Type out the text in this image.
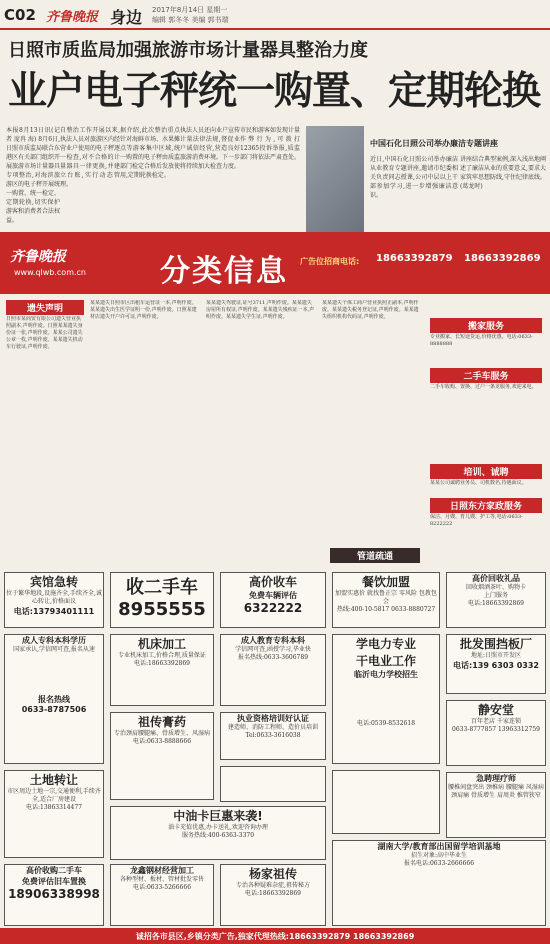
C02 齐鲁晚报 身边 2017年8月14日 星期一
编辑 郭冬冬 美编 郭书瑞
日照市质监局加强旅游市场计量器具整治力度
业户电子秤统一购置、定期轮换
本报8月13日讯(记者 庞冉 海) 8月6日,日照市质监局联合东港区有关部门组织开展旅游市场计量器具专项整治,对海滨旅游区的电子秤开展统一购置、统一检定、定期轮换,切实保护游客和消费者合法权益。
自整治工作开展以来,执法人员对旅游区内经营业户使用的电子秤逐一检查,对不合格的计量器具一律更换,并建立台账,实行动态管理。
据介绍,此次整治重点针对海鲜市场、水果摊点等游客集中区域,统一购置的电子秤由质监部门检定合格后发放使用,定期轮换检定。
执法人员还向业户宣传计量法律法规,督促业户诚信经营,营造良好旅游消费环境。下一步将持续加大检查力度。
市民和游客如发现计量作弊行为,可拨打12365投诉举报,质监部门将依法严肃查处。
中国石化日照公司举办廉洁专题讲座
近日,中国石化日照公司举办廉洁从业教育专题讲座,邀请市纪委相关负责同志授课,公司中层以上干部参加学习,进一步增强廉洁意识。
讲座结合典型案例,深入浅出地阐述了廉洁从业的重要意义,要求大家筑牢思想防线,守住纪律底线。(葛龙时)
齐鲁晚报
www.qlwb.com.cn 分类信息 广告位招商电话: 18663392879 18663392869
遗失声明
日照市某商贸有限公司遗失营业执照副本,声明作废。日照某某遗失身份证一张,声明作废。某某公司遗失公章一枚,声明作废。某某遗失机动车行驶证,声明作废。
某某遗失日照市区出租车运营证一本,声明作废。某某遗失出生医学证明一份,声明作废。日照某建材店遗失开户许可证,声明作废。
某某遗失驾驶证,证号3711,声明作废。某某遗失房屋所有权证,声明作废。某某遗失残疾证一本,声明作废。某某遗失学生证,声明作废。
某某遗失个体工商户营业执照正副本,声明作废。某某遗失税务登记证,声明作废。某某遗失组织机构代码证,声明作废。
管道疏通
搬家服务
专业搬家、长短途货运,价格优惠。电话:0633-8888888
二手车服务
二手车收购、置换、过户一条龙服务,欢迎来电。
培训、诚聘
某某公司诚聘业务员、司机数名,待遇面议。
日照东方家政服务
保洁、月嫂、育儿嫂、护工等,电话:0633-8222222
宾馆急转
位于繁华地段,设施齐全,手续齐全,诚心转让,价格面议
电话:13793401111
收二手车
8955555
高价收车
免费车辆评估
6322222
餐饮加盟
加盟实惠价 就找鲁正宗 零风险 包教包会
热线:400-10-5817 0633-8880727
高价回收礼品
回收烟酒茶叶、购物卡
上门服务
电话:18663392869
成人专科本科学历
国家承认,学信网可查,报名从速
报名热线
0633-8787506
机床加工
专业机床加工,价格合理,质量保证
电话:18663392869
成人教育专科本科
学信网可查,函授学习,毕业快
报名热线:0633-3606789
学电力专业
干电业工作
临沂电力学校招生
电话:0539-8532618
批发围挡板厂
地址:日照市开发区
电话:139 6303 0332
祖传膏药
专治颈肩腰腿痛、骨质增生、风湿病
电话:0633-8888666
执业资格培训好认证
建造师、消防工程师、造价员培训
Tel:0633-3616038
静安堂
百年老店 千家连锁
0633-8777857 13963312759
急聘理疗师
腰椎间盘突出 颈椎病 腰腿痛 风湿病 颈肩痛 骨质增生 肩周炎 椎管狭窄
土地转让
市区周边土地一宗,交通便利,手续齐全,适合厂房建设
电话:13863314477
中油卡巨惠来袭!
油卡充值优惠,办卡送礼,欢迎咨询办理
服务热线:400-6363-3370
高价收购二手车
免费评估旧车置换
18906338998
龙鑫钢材经营加工
各种型材、板材、管材批发零售
电话:0633-5266666
杨家祖传
专治各种疑难杂症,祖传秘方
电话:18663392869
湖南大学/教育部出国留学培训基地
招生对象:高中毕业生
报名电话:0633-2666666
诚招各市县区,乡镇分类广告,独家代理热线:18663392879 18663392869
